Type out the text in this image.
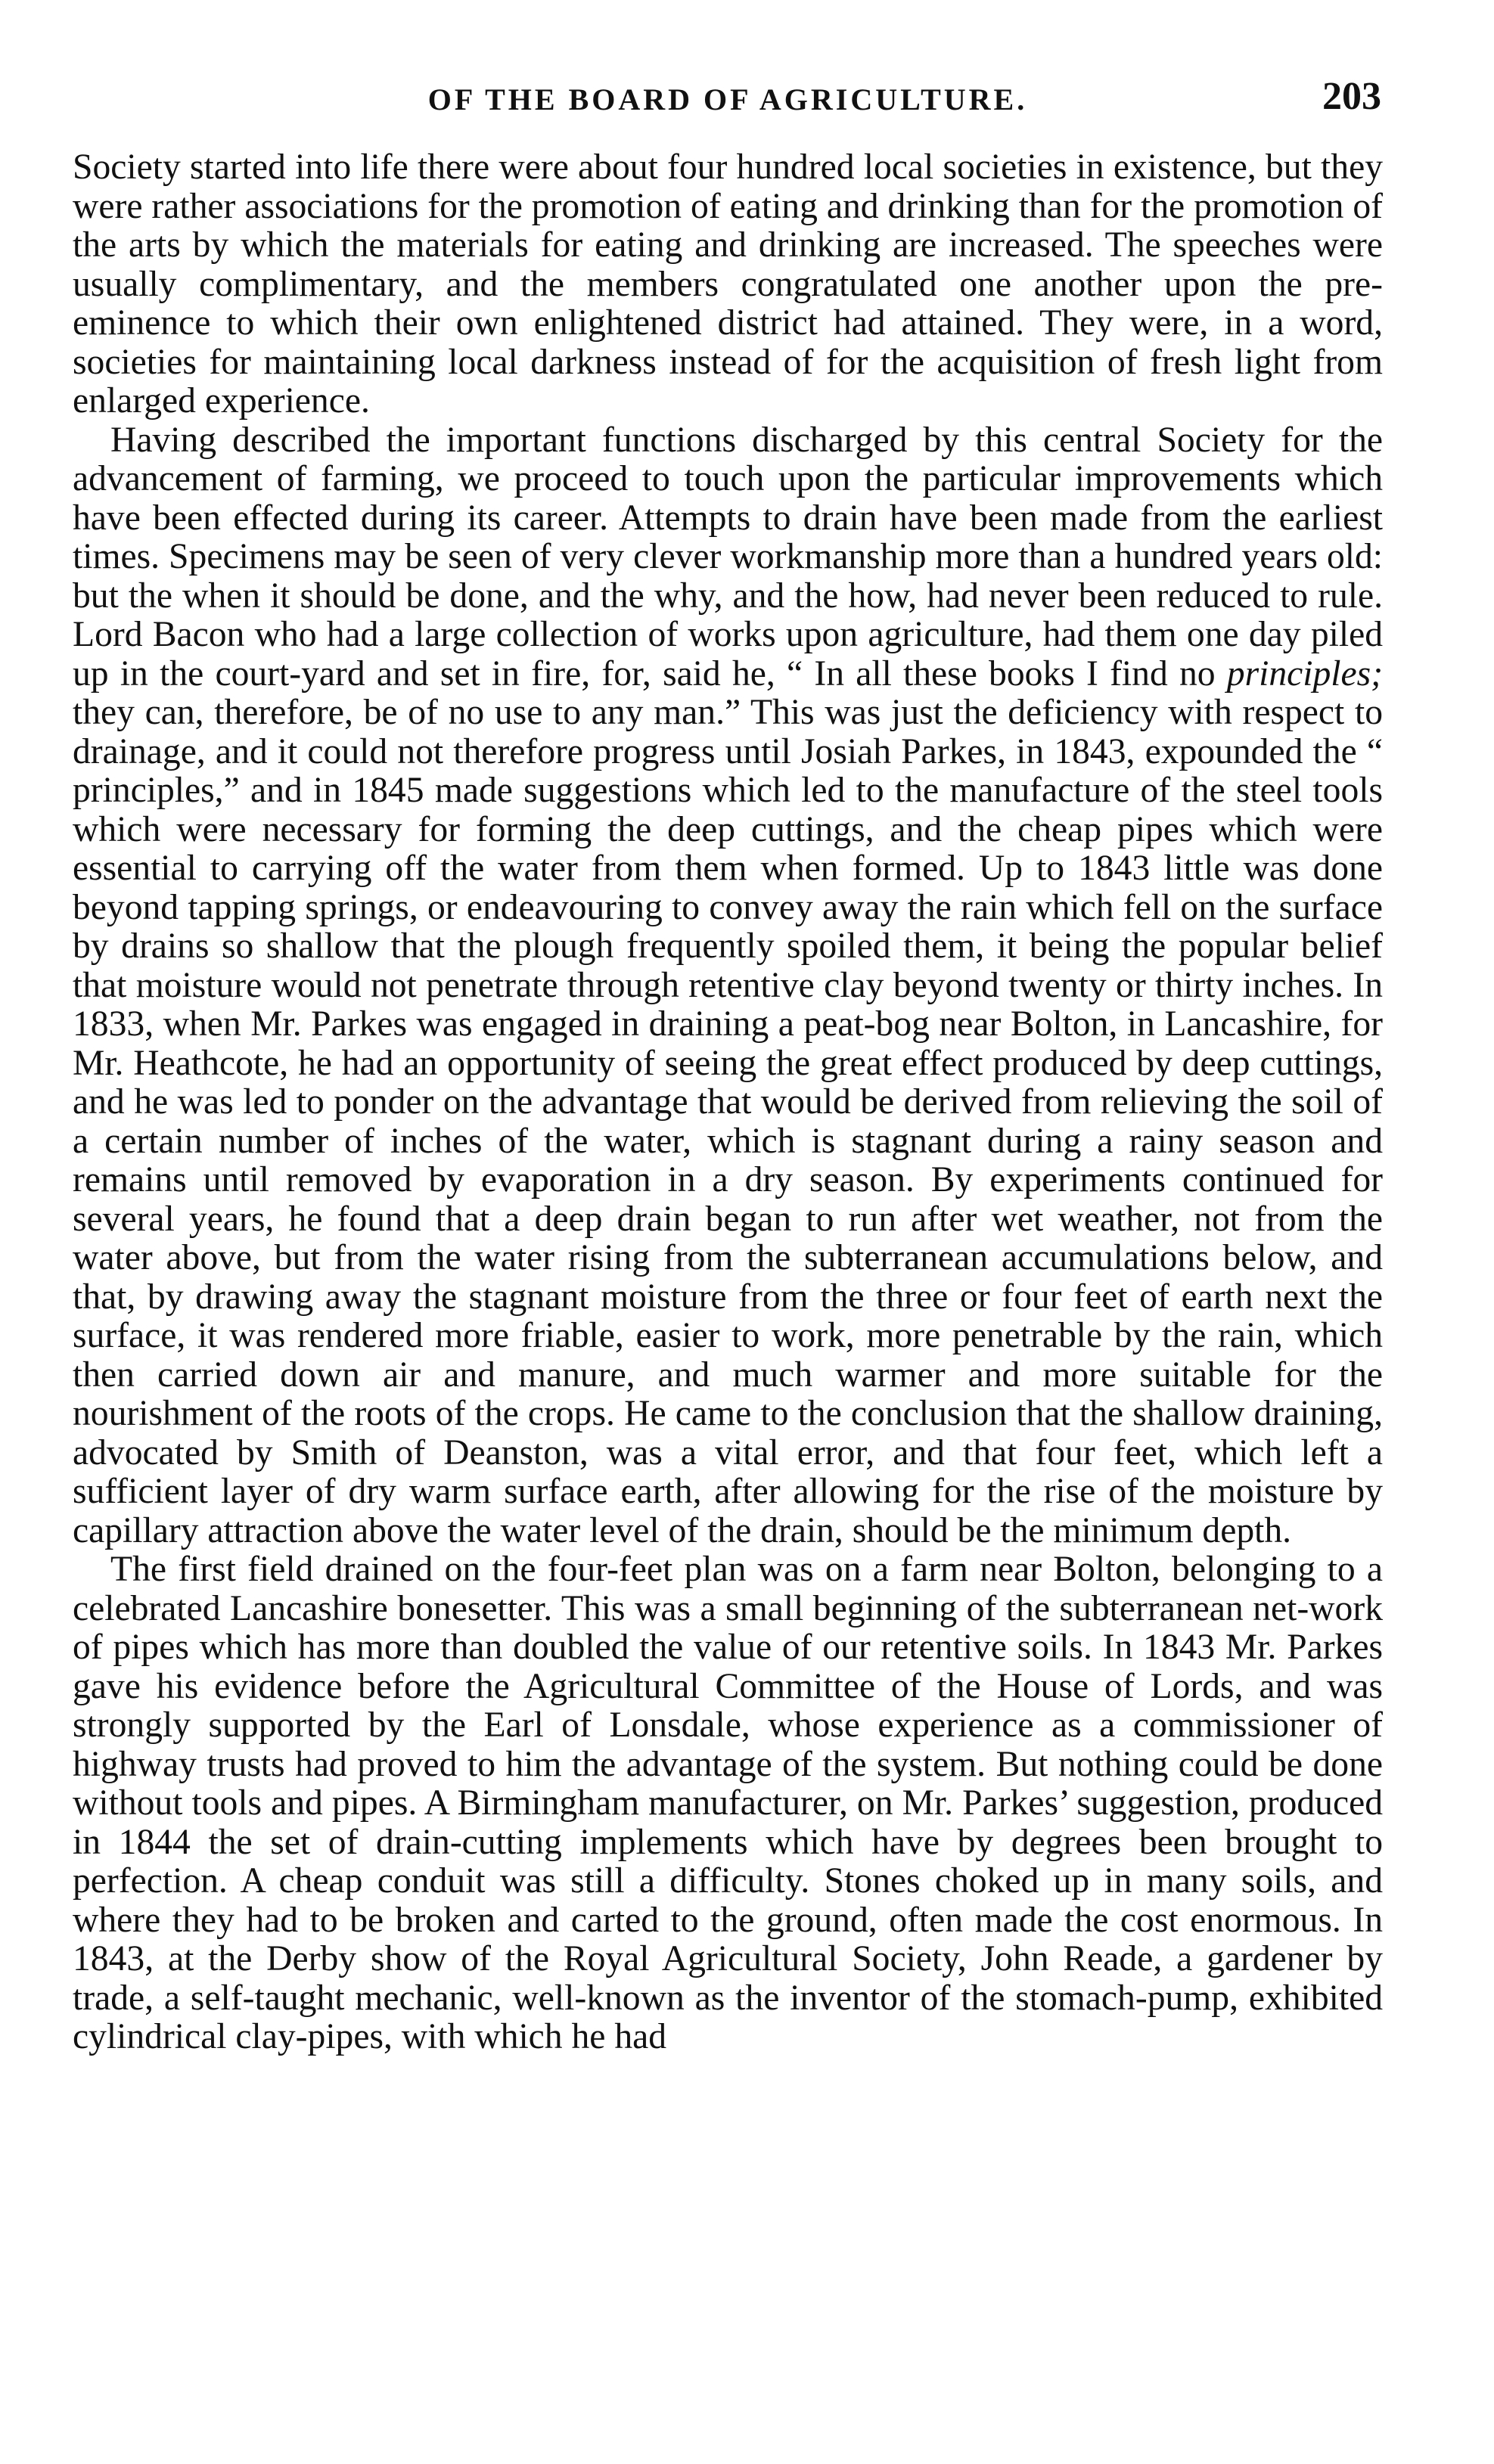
OF THE BOARD OF AGRICULTURE.	203

Society started into life there were about four hundred local societies in existence, but they were rather associations for the promotion of eating and drinking than for the promotion of the arts by which the materials for eating and drinking are increased. The speeches were usually complimentary, and the members congratulated one another upon the pre-eminence to which their own enlightened district had attained. They were, in a word, societies for maintaining local darkness instead of for the acquisition of fresh light from enlarged experience.

Having described the important functions discharged by this central Society for the advancement of farming, we proceed to touch upon the particular improvements which have been effected during its career. Attempts to drain have been made from the earliest times. Specimens may be seen of very clever workmanship more than a hundred years old: but the when it should be done, and the why, and the how, had never been reduced to rule. Lord Bacon who had a large collection of works upon agriculture, had them one day piled up in the court-yard and set in fire, for, said he, “ In all these books I find no principles; they can, therefore, be of no use to any man.” This was just the deficiency with respect to drainage, and it could not therefore progress until Josiah Parkes, in 1843, expounded the “ principles,” and in 1845 made suggestions which led to the manufacture of the steel tools which were necessary for forming the deep cuttings, and the cheap pipes which were essential to carrying off the water from them when formed. Up to 1843 little was done beyond tapping springs, or endeavouring to convey away the rain which fell on the surface by drains so shallow that the plough frequently spoiled them, it being the popular belief that moisture would not penetrate through retentive clay beyond twenty or thirty inches. In 1833, when Mr. Parkes was engaged in draining a peat-bog near Bolton, in Lancashire, for Mr. Heathcote, he had an opportunity of seeing the great effect produced by deep cuttings, and he was led to ponder on the advantage that would be derived from relieving the soil of a certain number of inches of the water, which is stagnant during a rainy season and remains until removed by evaporation in a dry season. By experiments continued for several years, he found that a deep drain began to run after wet weather, not from the water above, but from the water rising from the subterranean accumulations below, and that, by drawing away the stagnant moisture from the three or four feet of earth next the surface, it was rendered more friable, easier to work, more penetrable by the rain, which then carried down air and manure, and much warmer and more suitable for the nourishment of the roots of the crops. He came to the conclusion that the shallow draining, advocated by Smith of Deanston, was a vital error, and that four feet, which left a sufficient layer of dry warm surface earth, after allowing for the rise of the moisture by capillary attraction above the water level of the drain, should be the minimum depth.

The first field drained on the four-feet plan was on a farm near Bolton, belonging to a celebrated Lancashire bonesetter. This was a small beginning of the subterranean net-work of pipes which has more than doubled the value of our retentive soils. In 1843 Mr. Parkes gave his evidence before the Agricultural Committee of the House of Lords, and was strongly supported by the Earl of Lonsdale, whose experience as a commissioner of highway trusts had proved to him the advantage of the system. But nothing could be done without tools and pipes. A Birmingham manufacturer, on Mr. Parkes’ suggestion, produced in 1844 the set of drain-cutting implements which have by degrees been brought to perfection. A cheap conduit was still a difficulty. Stones choked up in many soils, and where they had to be broken and carted to the ground, often made the cost enormous. In 1843, at the Derby show of the Royal Agricultural Society, John Reade, a gardener by trade, a self-taught mechanic, well-known as the inventor of the stomach-pump, exhibited cylindrical clay-pipes, with which he had
